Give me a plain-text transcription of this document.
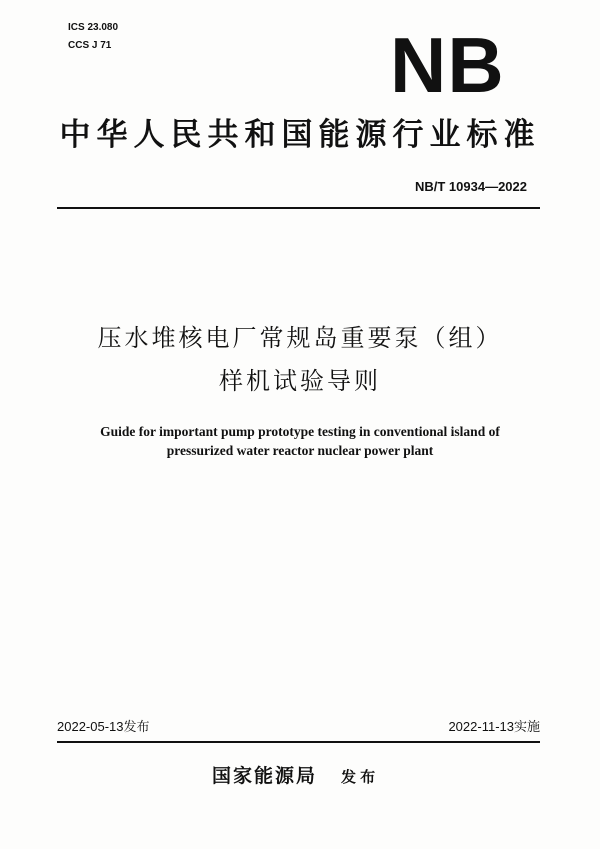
ICS 23.080
CCS J 71	NB
中华人民共和国能源行业标准
NB/T 10934—2022
压水堆核电厂常规岛重要泵（组）
样机试验导则
Guide for important pump prototype testing in conventional island of
pressurized water reactor nuclear power plant
2022-05-13发布	2022-11-13实施
国家能源局 发 布
